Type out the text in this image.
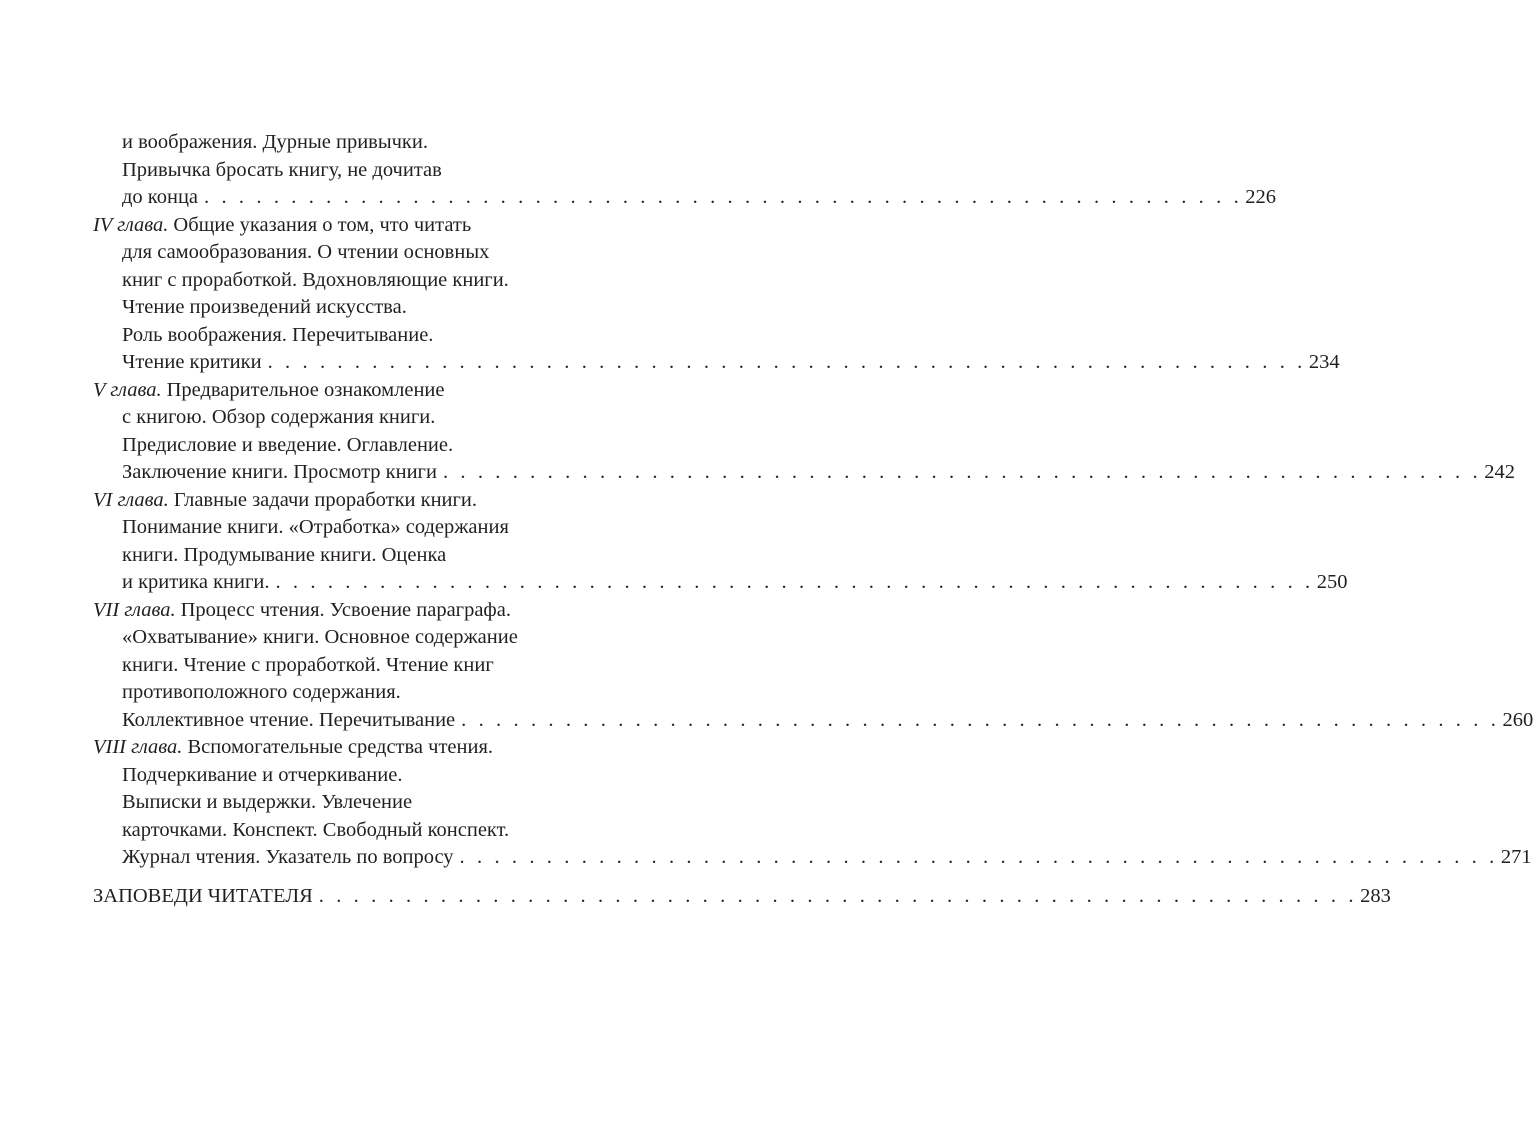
и воображения. Дурные привычки.
Привычка бросать книгу, не дочитав
до конца . . . . . . . . . . . . . . . . . . . . . . . . . . . . . . . . . . . . . . . . . . . . . . . . . . . . . . . . . . . . 226
IV глава. Общие указания о том, что читать
для самообразования. О чтении основных
книг с проработкой. Вдохновляющие книги.
Чтение произведений искусства.
Роль воображения. Перечитывание.
Чтение критики . . . . . . . . . . . . . . . . . . . . . . . . . . . . . . . . . . . . . . . . . . . . . . . . . . . . . . . . . . . . 234
V глава. Предварительное ознакомление
с книгою. Обзор содержания книги.
Предисловие и введение. Оглавление.
Заключение книги. Просмотр книги . . . . . . . . . . . . . . . . . . . . . . . . . . . . . . . . . . . . . . . . . . . . . . . . . . . . . . . . . . . . 242
VI глава. Главные задачи проработки книги.
Понимание книги. «Отработка» содержания
книги. Продумывание книги. Оценка
и критика книги. . . . . . . . . . . . . . . . . . . . . . . . . . . . . . . . . . . . . . . . . . . . . . . . . . . . . . . . . . . . . 250
VII глава. Процесс чтения. Усвоение параграфа.
«Охватывание» книги. Основное содержание
книги. Чтение с проработкой. Чтение книг
противоположного содержания.
Коллективное чтение. Перечитывание . . . . . . . . . . . . . . . . . . . . . . . . . . . . . . . . . . . . . . . . . . . . . . . . . . . . . . . . . . . . 260
VIII глава. Вспомогательные средства чтения.
Подчеркивание и отчеркивание.
Выписки и выдержки. Увлечение
карточками. Конспект. Свободный конспект.
Журнал чтения. Указатель по вопросу . . . . . . . . . . . . . . . . . . . . . . . . . . . . . . . . . . . . . . . . . . . . . . . . . . . . . . . . . . . . 271
ЗАПОВЕДИ ЧИТАТЕЛЯ . . . . . . . . . . . . . . . . . . . . . . . . . . . . . . . . . . . . . . . . . . . . . . . . . . . . . . . . . . . . 283
